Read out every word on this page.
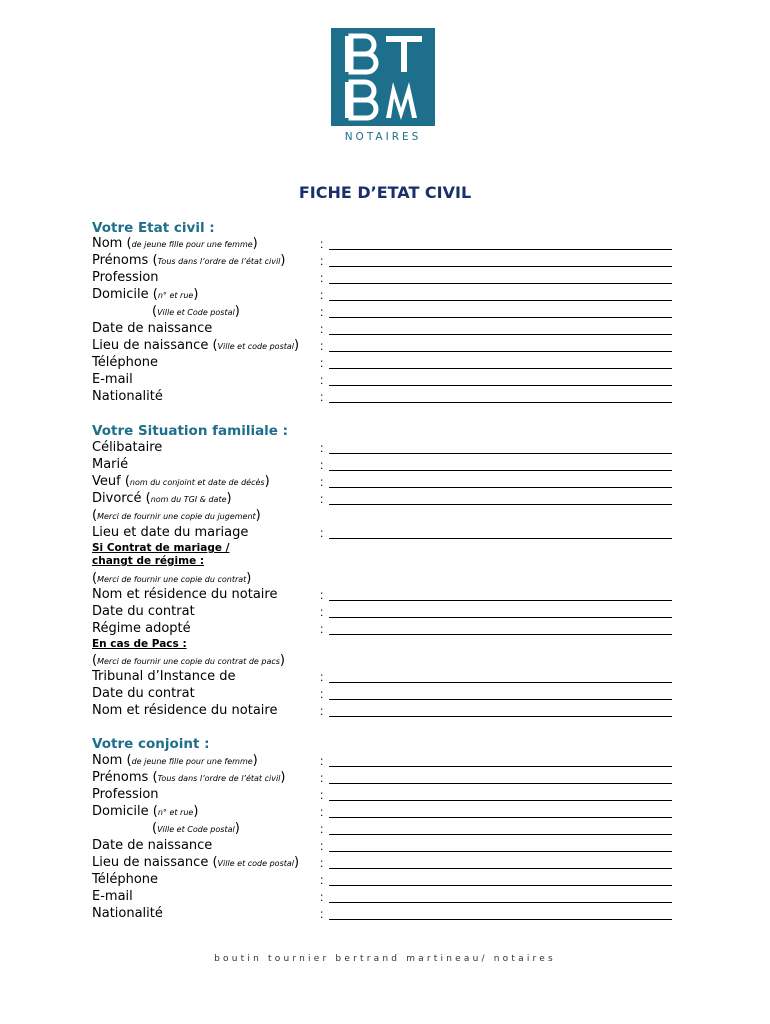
NOTAIRES
FICHE D’ETAT CIVIL
Votre Etat civil :
Nom (de jeune fille pour une femme)	:
Prénoms (Tous dans l’ordre de l’état civil)	:
Profession	:
Domicile (n° et rue)	:
(Ville et Code postal)	:
Date de naissance	:
Lieu de naissance (Ville et code postal) :
Téléphone	:
E-mail	:
Nationalité	:
Votre Situation familiale :
Célibataire	:
Marié	:
Veuf (nom du conjoint et date de décès)	:
Divorcé (nom du TGI & date)	:
(Merci de fournir une copie du jugement)
Lieu et date du mariage	:
Si Contrat de mariage /
changt de régime :
(Merci de fournir une copie du contrat)
Nom et résidence du notaire	:
Date du contrat	:
Régime adopté	:
En cas de Pacs :
(Merci de fournir une copie du contrat de pacs)
Tribunal d’Instance de	:
Date du contrat	:
Nom et résidence du notaire	:
Votre conjoint :
Nom (de jeune fille pour une femme)	:
Prénoms (Tous dans l’ordre de l’état civil)	:
Profession	:
Domicile (n° et rue)	:
(Ville et Code postal)	:
Date de naissance	:
Lieu de naissance (Ville et code postal) :
Téléphone	:
E-mail	:
Nationalité	:
boutin tournier bertrand martineau/ notaires
